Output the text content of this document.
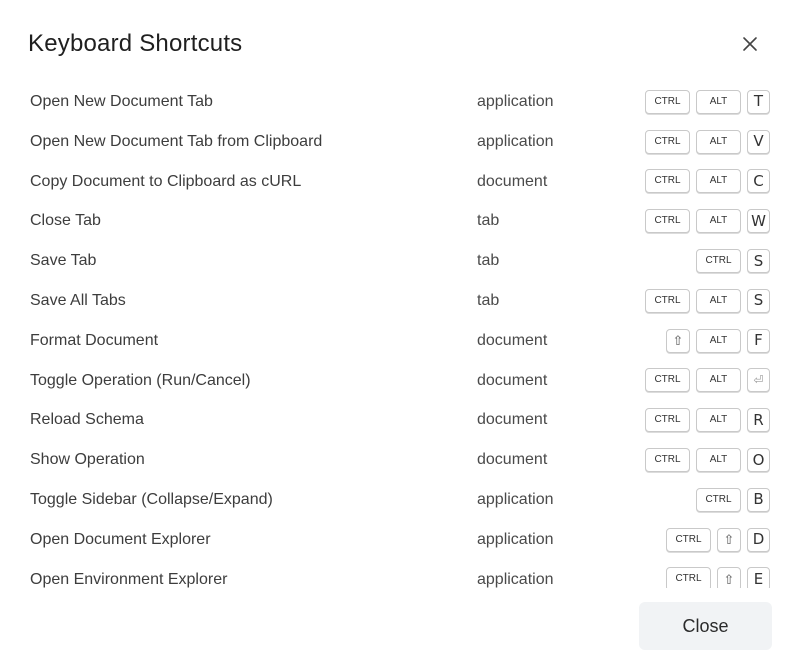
Keyboard Shortcuts
Open New Document Tab	application	CTRL	ALT	T
Open New Document Tab from Clipboard	application	CTRL	ALT	V
Copy Document to Clipboard as cURL	document	CTRL	ALT	C
Close Tab	tab	CTRL	ALT	W
Save Tab	tab	CTRL	S
Save All Tabs	tab	CTRL	ALT	S
Format Document	document	⇧	ALT	F
Toggle Operation (Run/Cancel)	document	CTRL	ALT	⏎
Reload Schema	document	CTRL	ALT	R
Show Operation	document	CTRL	ALT	O
Toggle Sidebar (Collapse/Expand)	application	CTRL	B
Open Document Explorer	application	CTRL	⇧	D
Open Environment Explorer	application	CTRL	⇧	E
Close
